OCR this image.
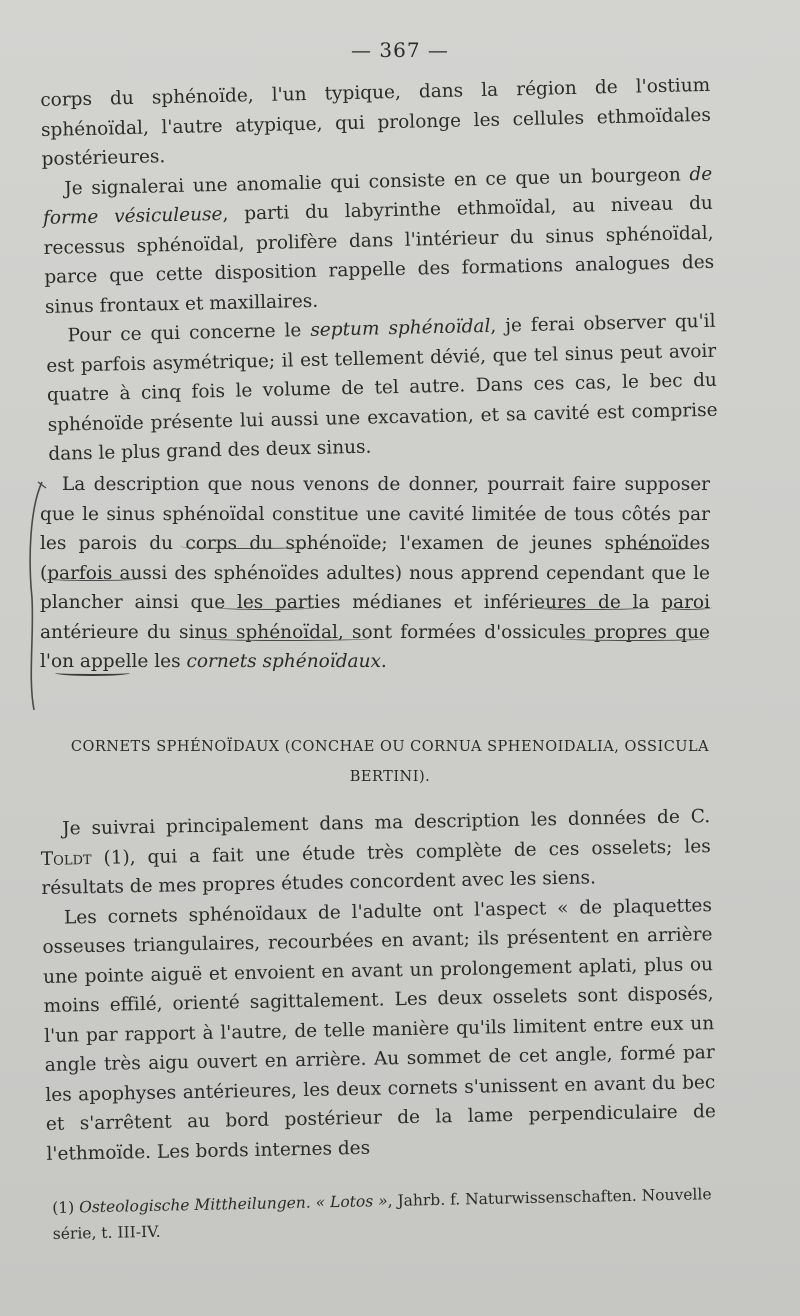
— 367 —

corps du sphénoïde, l'un typique, dans la région de l'ostium sphénoïdal, l'autre atypique, qui prolonge les cellules ethmoïdales postérieures.

Je signalerai une anomalie qui consiste en ce que un bourgeon de forme vésiculeuse, parti du labyrinthe ethmoïdal, au niveau du recessus sphénoïdal, prolifère dans l'intérieur du sinus sphénoïdal, parce que cette disposition rappelle des formations analogues des sinus frontaux et maxillaires.

Pour ce qui concerne le septum sphénoïdal, je ferai observer qu'il est parfois asymétrique; il est tellement dévié, que tel sinus peut avoir quatre à cinq fois le volume de tel autre. Dans ces cas, le bec du sphénoïde présente lui aussi une excavation, et sa cavité est comprise dans le plus grand des deux sinus.

La description que nous venons de donner, pourrait faire supposer que le sinus sphénoïdal constitue une cavité limitée de tous côtés par les parois du corps du sphénoïde; l'examen de jeunes sphénoïdes (parfois aussi des sphénoïdes adultes) nous apprend cependant que le plancher ainsi que les parties médianes et inférieures de la paroi antérieure du sinus sphénoïdal, sont formées d'ossicules propres que l'on appelle les cornets sphénoïdaux.

CORNETS SPHÉNOÏDAUX (CONCHAE OU CORNUA SPHENOIDALIA, OSSICULA BERTINI).

Je suivrai principalement dans ma description les données de C. Toldt (1), qui a fait une étude très complète de ces osselets; les résultats de mes propres études concordent avec les siens.

Les cornets sphénoïdaux de l'adulte ont l'aspect « de plaquettes osseuses triangulaires, recourbées en avant; ils présentent en arrière une pointe aiguë et envoient en avant un prolongement aplati, plus ou moins effilé, orienté sagittalement. Les deux osselets sont disposés, l'un par rapport à l'autre, de telle manière qu'ils limitent entre eux un angle très aigu ouvert en arrière. Au sommet de cet angle, formé par les apophyses antérieures, les deux cornets s'unissent en avant du bec et s'arrêtent au bord postérieur de la lame perpendiculaire de l'ethmoïde. Les bords internes des

(1) Osteologische Mittheilungen. « Lotos », Jahrb. f. Naturwissenschaften. Nouvelle série, t. III-IV.
